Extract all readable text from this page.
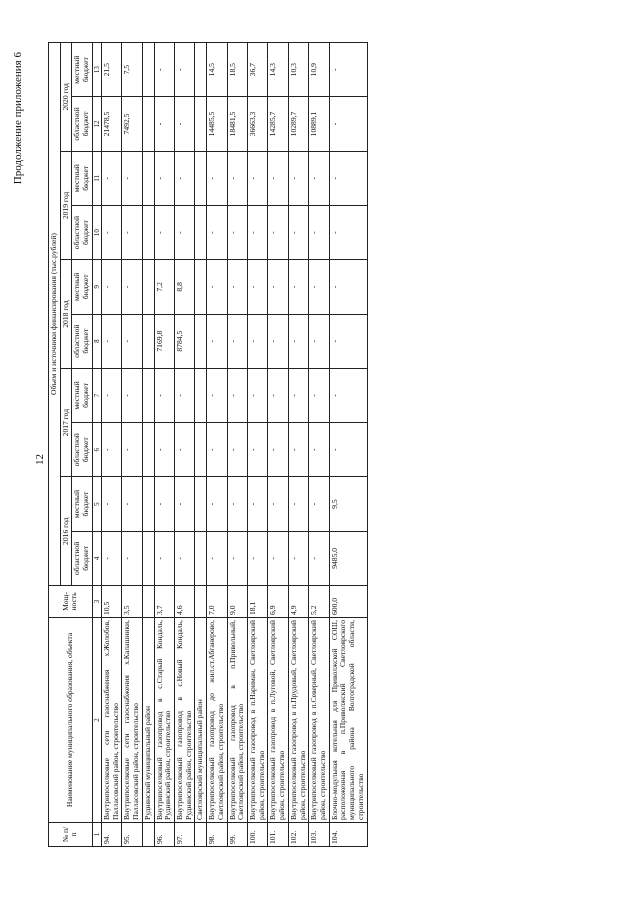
12
Продолжение приложения 6
№ п/п	Наименование муниципального образования, объекта	Мощ- ность	Объем и источники финансирования (тыс.рублей)									
			2016 год		2017 год		2018 год		2019 год		2020 год	
			областной бюджет	местный бюджет	областной бюджет	местный бюджет	областной бюджет	местный бюджет	областной бюджет	местный бюджет	областной бюджет	местный бюджет
1	2	3	4	5	6	7	8	9	10	11	12	13
94.	Внутрипоселковые сети газоснабжения х.Жолобов, Палласовский район, строительство	10,5	-	-	-	-	-	-	-	-	21478,5	21,5
95.	Внутрипоселковые сети газоснабжения х.Калашники, Палласовский район, строительство	3,5	-	-	-	-	-	-	-	-	7492,5	7,5
	Руднянский муниципальный район											
96.	Внутрипоселковый газопровод в с.Старый Кондаль, Руднянский район, строительство	3,7	-	-	-	-	7169,8	7,2	-	-	-	-
97.	Внутрипоселковый газопровод в с.Новый Кондаль, Руднянский район, строительство	4,6	-	-	-	-	8784,5	8,8	-	-	-	-
	Светлоярский муниципальный район											
98.	Внутрипоселковый газопровод до жил.ст.Абганерово, Светлоярский район, строительство	7,0	-	-	-	-	-	-	-	-	14485,5	14,5
99.	Внутрипоселковый газопровод в п.Привольный, Светлоярский район, строительство	9,0	-	-	-	-	-	-	-	-	18481,5	18,5
100.	Внутрипоселковый газопровод в п.Нариман, Светлоярский район, строительство	18,1	-	-	-	-	-	-	-	-	36663,3	36,7
101.	Внутрипоселковый газопровод в п.Луговой, Светлоярский район, строительство	6,9	-	-	-	-	-	-	-	-	14285,7	14,3
102.	Внутрипоселковый газопровод в п.Прудовый, Светлоярский район, строительство	4,9	-	-	-	-	-	-	-	-	10289,7	10,3
103.	Внутрипоселковый газопровод в п.Северный, Светлоярский район, строительство	5,2	-	-	-	-	-	-	-	-	10889,1	10,9
104.	Блочно-модульная котельная для Приволжской СОШ, расположенная в п.Приволжский Светлоярского муниципального района Волгоградской области, строительство	600,0	9485,0	9,5	-	-	-	-	-	-	-	-
